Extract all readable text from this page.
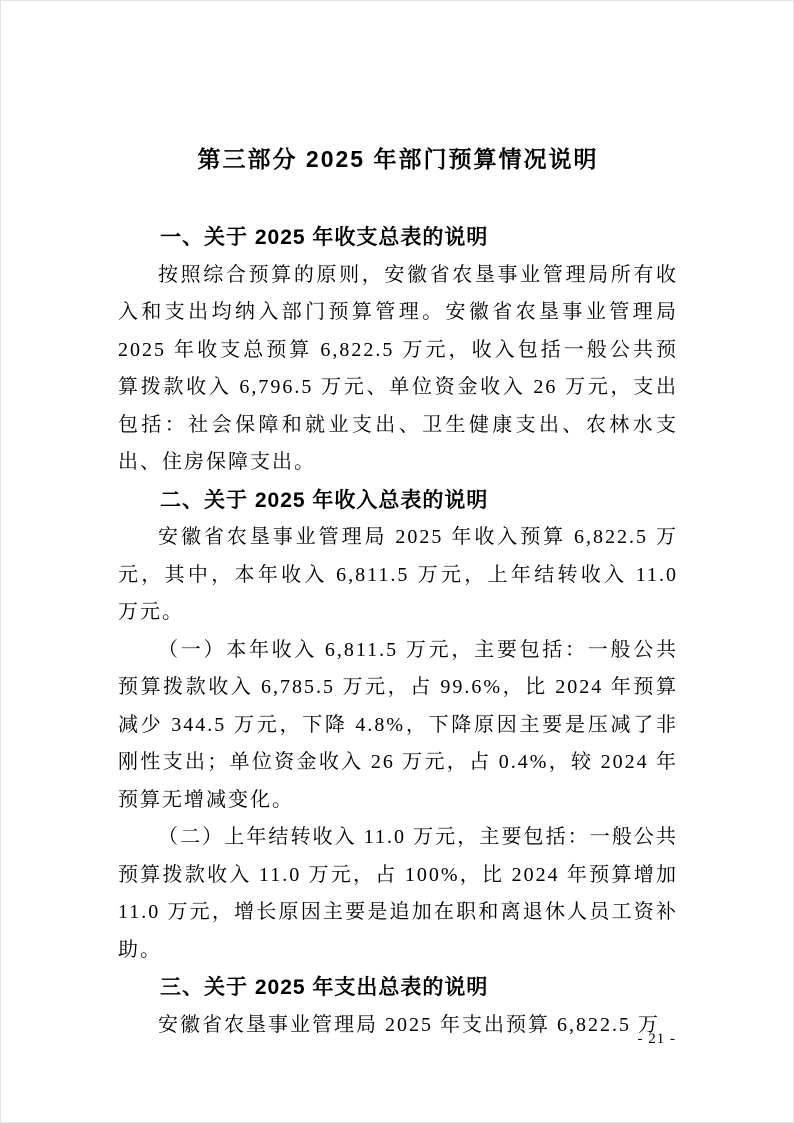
第三部分 2025 年部门预算情况说明
一、关于 2025 年收支总表的说明

按照综合预算的原则，安徽省农垦事业管理局所有收入和支出均纳入部门预算管理。安徽省农垦事业管理局 2025 年收支总预算 6,822.5 万元，收入包括一般公共预算拨款收入 6,796.5 万元、单位资金收入 26 万元，支出包括：社会保障和就业支出、卫生健康支出、农林水支出、住房保障支出。

二、关于 2025 年收入总表的说明

安徽省农垦事业管理局 2025 年收入预算 6,822.5 万元，其中，本年收入 6,811.5 万元，上年结转收入 11.0 万元。

（一）本年收入 6,811.5 万元，主要包括：一般公共预算拨款收入 6,785.5 万元，占 99.6%，比 2024 年预算减少 344.5 万元，下降 4.8%，下降原因主要是压减了非刚性支出；单位资金收入 26 万元，占 0.4%，较 2024 年预算无增减变化。

（二）上年结转收入 11.0 万元，主要包括：一般公共预算拨款收入 11.0 万元，占 100%，比 2024 年预算增加 11.0 万元，增长原因主要是追加在职和离退休人员工资补助。

三、关于 2025 年支出总表的说明

安徽省农垦事业管理局 2025 年支出预算 6,822.5 万

- 21 -
